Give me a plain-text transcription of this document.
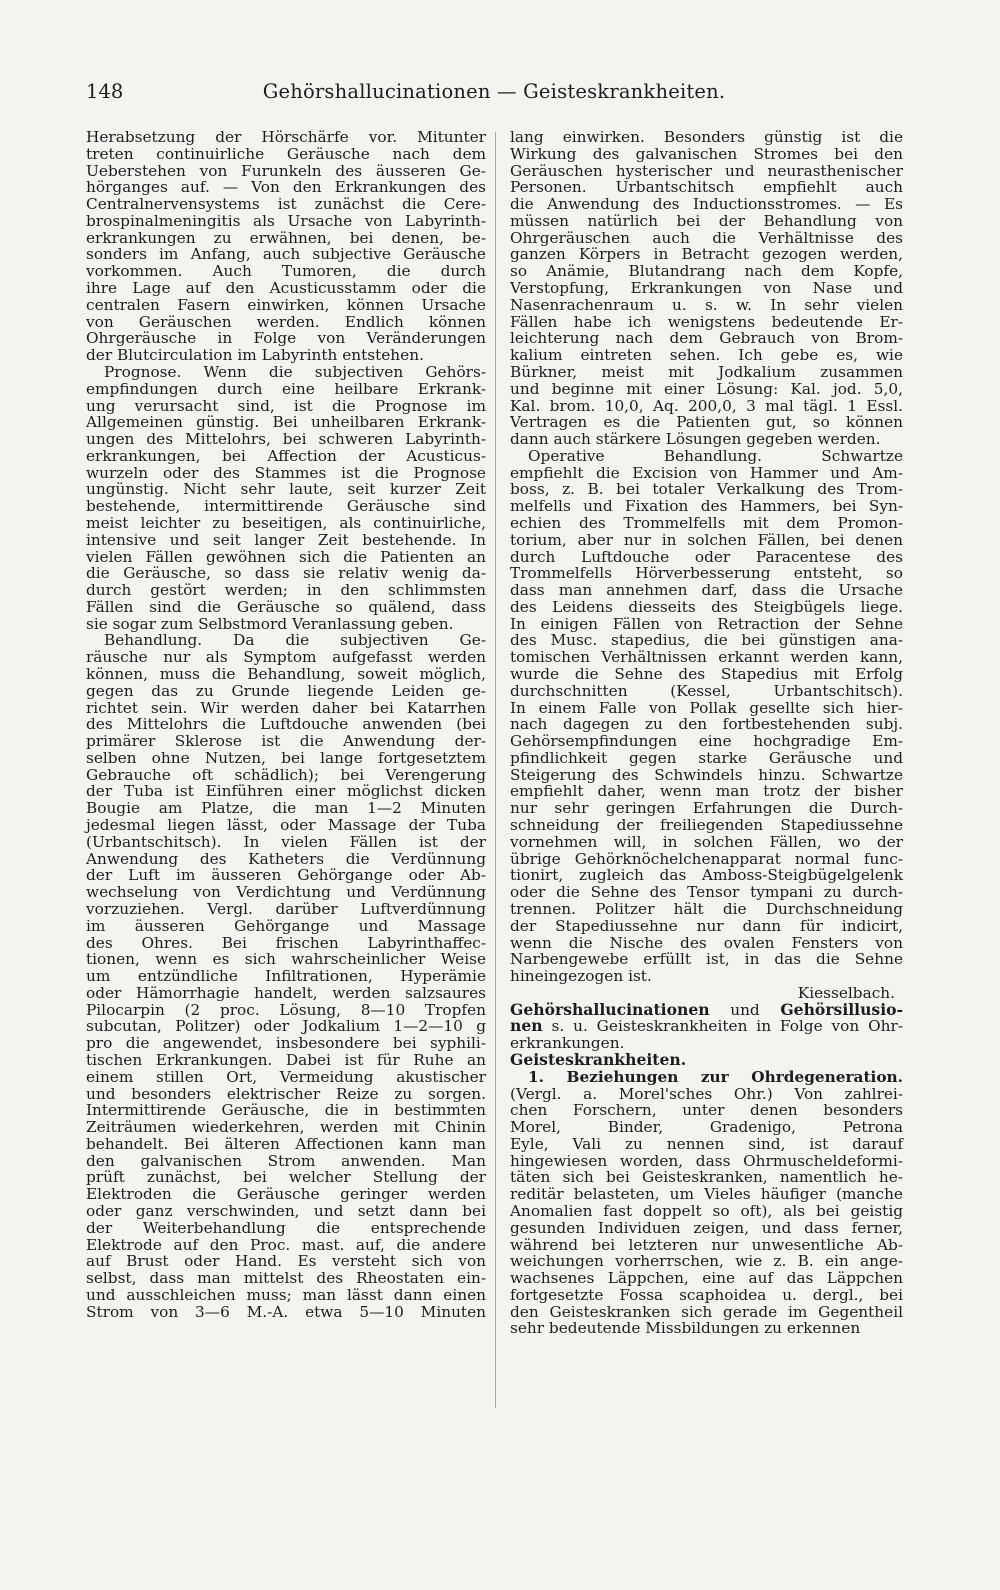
148	Gehörshallucinationen — Geisteskrankheiten.
Herabsetzung der Hörschärfe vor. Mitunter
treten continuirliche Geräusche nach dem
Ueberstehen von Furunkeln des äusseren Ge-
hörganges auf. — Von den Erkrankungen des
Centralnervensystems ist zunächst die Cere-
brospinalmeningitis als Ursache von Labyrinth-
erkrankungen zu erwähnen, bei denen, be-
sonders im Anfang, auch subjective Geräusche
vorkommen. Auch Tumoren, die durch
ihre Lage auf den Acusticusstamm oder die
centralen Fasern einwirken, können Ursache
von Geräuschen werden. Endlich können
Ohrgeräusche in Folge von Veränderungen
der Blutcirculation im Labyrinth entstehen.
Prognose. Wenn die subjectiven Gehörs-
empfindungen durch eine heilbare Erkrank-
ung verursacht sind, ist die Prognose im
Allgemeinen günstig. Bei unheilbaren Erkrank-
ungen des Mittelohrs, bei schweren Labyrinth-
erkrankungen, bei Affection der Acusticus-
wurzeln oder des Stammes ist die Prognose
ungünstig. Nicht sehr laute, seit kurzer Zeit
bestehende, intermittirende Geräusche sind
meist leichter zu beseitigen, als continuirliche,
intensive und seit langer Zeit bestehende. In
vielen Fällen gewöhnen sich die Patienten an
die Geräusche, so dass sie relativ wenig da-
durch gestört werden; in den schlimmsten
Fällen sind die Geräusche so quälend, dass
sie sogar zum Selbstmord Veranlassung geben.
Behandlung. Da die subjectiven Ge-
räusche nur als Symptom aufgefasst werden
können, muss die Behandlung, soweit möglich,
gegen das zu Grunde liegende Leiden ge-
richtet sein. Wir werden daher bei Katarrhen
des Mittelohrs die Luftdouche anwenden (bei
primärer Sklerose ist die Anwendung der-
selben ohne Nutzen, bei lange fortgesetztem
Gebrauche oft schädlich); bei Verengerung
der Tuba ist Einführen einer möglichst dicken
Bougie am Platze, die man 1—2 Minuten
jedesmal liegen lässt, oder Massage der Tuba
(Urbantschitsch). In vielen Fällen ist der
Anwendung des Katheters die Verdünnung
der Luft im äusseren Gehörgange oder Ab-
wechselung von Verdichtung und Verdünnung
vorzuziehen. Vergl. darüber Luftverdünnung
im äusseren Gehörgange und Massage
des Ohres. Bei frischen Labyrinthaffec-
tionen, wenn es sich wahrscheinlicher Weise
um entzündliche Infiltrationen, Hyperämie
oder Hämorrhagie handelt, werden salzsaures
Pilocarpin (2 proc. Lösung, 8—10 Tropfen
subcutan, Politzer) oder Jodkalium 1—2—10 g
pro die angewendet, insbesondere bei syphili-
tischen Erkrankungen. Dabei ist für Ruhe an
einem stillen Ort, Vermeidung akustischer
und besonders elektrischer Reize zu sorgen.
Intermittirende Geräusche, die in bestimmten
Zeiträumen wiederkehren, werden mit Chinin
behandelt. Bei älteren Affectionen kann man
den galvanischen Strom anwenden. Man
prüft zunächst, bei welcher Stellung der
Elektroden die Geräusche geringer werden
oder ganz verschwinden, und setzt dann bei
der Weiterbehandlung die entsprechende
Elektrode auf den Proc. mast. auf, die andere
auf Brust oder Hand. Es versteht sich von
selbst, dass man mittelst des Rheostaten ein-
und ausschleichen muss; man lässt dann einen
Strom von 3—6 M.-A. etwa 5—10 Minuten
lang einwirken. Besonders günstig ist die
Wirkung des galvanischen Stromes bei den
Geräuschen hysterischer und neurasthenischer
Personen. Urbantschitsch empfiehlt auch
die Anwendung des Inductionsstromes. — Es
müssen natürlich bei der Behandlung von
Ohrgeräuschen auch die Verhältnisse des
ganzen Körpers in Betracht gezogen werden,
so Anämie, Blutandrang nach dem Kopfe,
Verstopfung, Erkrankungen von Nase und
Nasenrachenraum u. s. w. In sehr vielen
Fällen habe ich wenigstens bedeutende Er-
leichterung nach dem Gebrauch von Brom-
kalium eintreten sehen. Ich gebe es, wie
Bürkner, meist mit Jodkalium zusammen
und beginne mit einer Lösung: Kal. jod. 5,0,
Kal. brom. 10,0, Aq. 200,0, 3 mal tägl. 1 Essl.
Vertragen es die Patienten gut, so können
dann auch stärkere Lösungen gegeben werden.
Operative Behandlung. Schwartze
empfiehlt die Excision von Hammer und Am-
boss, z. B. bei totaler Verkalkung des Trom-
melfells und Fixation des Hammers, bei Syn-
echien des Trommelfells mit dem Promon-
torium, aber nur in solchen Fällen, bei denen
durch Luftdouche oder Paracentese des
Trommelfells Hörverbesserung entsteht, so
dass man annehmen darf, dass die Ursache
des Leidens diesseits des Steigbügels liege.
In einigen Fällen von Retraction der Sehne
des Musc. stapedius, die bei günstigen ana-
tomischen Verhältnissen erkannt werden kann,
wurde die Sehne des Stapedius mit Erfolg
durchschnitten (Kessel, Urbantschitsch).
In einem Falle von Pollak gesellte sich hier-
nach dagegen zu den fortbestehenden subj.
Gehörsempfindungen eine hochgradige Em-
pfindlichkeit gegen starke Geräusche und
Steigerung des Schwindels hinzu. Schwartze
empfiehlt daher, wenn man trotz der bisher
nur sehr geringen Erfahrungen die Durch-
schneidung der freiliegenden Stapediussehne
vornehmen will, in solchen Fällen, wo der
übrige Gehörknöchelchenapparat normal func-
tionirt, zugleich das Amboss-Steigbügelgelenk
oder die Sehne des Tensor tympani zu durch-
trennen. Politzer hält die Durchschneidung
der Stapediussehne nur dann für indicirt,
wenn die Nische des ovalen Fensters von
Narbengewebe erfüllt ist, in das die Sehne
hineingezogen ist.
Kiesselbach.
Gehörshallucinationen und Gehörsillusio-
nen s. u. Geisteskrankheiten in Folge von Ohr-
erkrankungen.
Geisteskrankheiten.
1. Beziehungen zur Ohrdegeneration.
(Vergl. a. Morel'sches Ohr.) Von zahlrei-
chen Forschern, unter denen besonders
Morel, Binder, Gradenigo, Petrona
Eyle, Vali zu nennen sind, ist darauf
hingewiesen worden, dass Ohrmuscheldeformi-
täten sich bei Geisteskranken, namentlich he-
reditär belasteten, um Vieles häufiger (manche
Anomalien fast doppelt so oft), als bei geistig
gesunden Individuen zeigen, und dass ferner,
während bei letzteren nur unwesentliche Ab-
weichungen vorherrschen, wie z. B. ein ange-
wachsenes Läppchen, eine auf das Läppchen
fortgesetzte Fossa scaphoidea u. dergl., bei
den Geisteskranken sich gerade im Gegentheil
sehr bedeutende Missbildungen zu erkennen
